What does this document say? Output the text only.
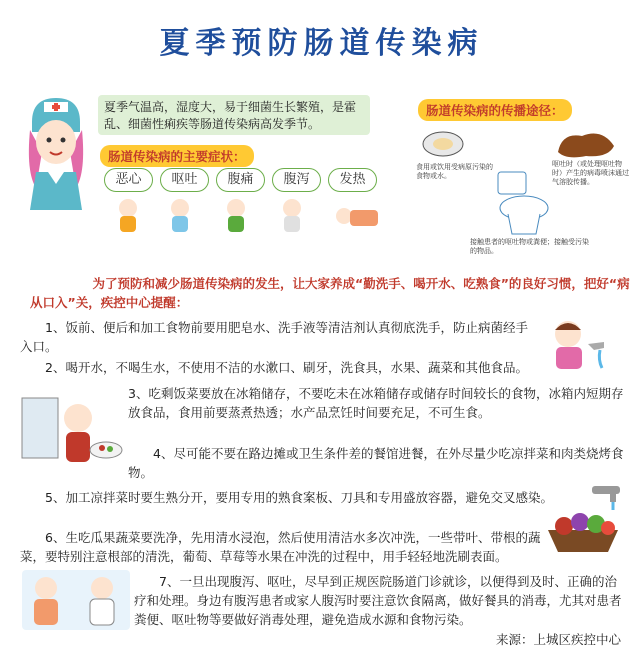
夏季预防肠道传染病
夏季气温高，湿度大，易于细菌生长繁殖，是霍乱、细菌性痢疾等肠道传染病高发季节。
肠道传染病的主要症状：
恶心	呕吐	腹痛	腹泻	发热
肠道传染病的传播途径：
食用或饮用受病原污染的食物或水。
呕吐时（或处理呕吐物时）产生的病毒喷沫通过气溶胶传播。
接触患者的呕吐物或粪便；接触受污染的物品。
为了预防和减少肠道传染病的发生，让大家养成“勤洗手、喝开水、吃熟食”的良好习惯，把好“病从口入”关，疾控中心提醒：
1、饭前、便后和加工食物前要用肥皂水、洗手液等清洁剂认真彻底洗手，防止病菌经手入口。
2、喝开水，不喝生水，不使用不洁的水漱口、刷牙，洗食具，水果、蔬菜和其他食品。
3、吃剩饭菜要放在冰箱储存，不要吃未在冰箱储存或储存时间较长的食物，冰箱内短期存放食品，食用前要蒸煮热透；水产品烹饪时间要充足，不可生食。
4、尽可能不要在路边摊或卫生条件差的餐馆进餐，在外尽量少吃凉拌菜和肉类烧烤食物。
5、加工凉拌菜时要生熟分开，要用专用的熟食案板、刀具和专用盛放容器，避免交叉感染。
6、生吃瓜果蔬菜要洗净，先用清水浸泡，然后使用清洁水多次冲洗，一些带叶、带根的蔬菜，要特别注意根部的清洗，葡萄、草莓等水果在冲洗的过程中，用手轻轻地洗刷表面。
7、一旦出现腹泻、呕吐，尽早到正规医院肠道门诊就诊，以便得到及时、正确的治疗和处理。身边有腹泻患者或家人腹泻时要注意饮食隔离，做好餐具的消毒，尤其对患者粪便、呕吐物等要做好消毒处理，避免造成水源和食物污染。
来源：上城区疾控中心
